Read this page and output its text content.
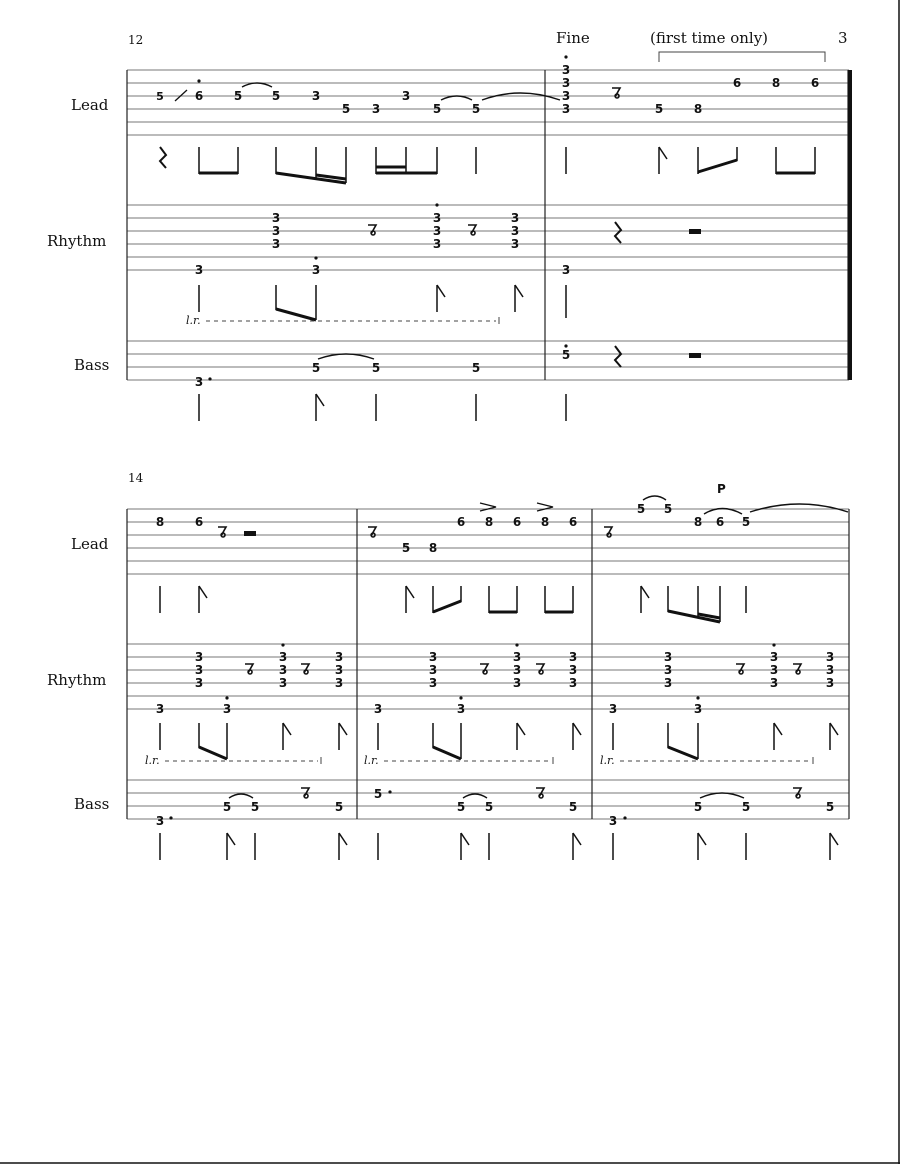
12	Fine	(first time only)	3
Lead
Rhythm
Bass
5	6	5 5	3
5 3
3
5	5
3
3
3
3	5	8
6	8	6
3
3
3
3
3
3
3
3
3
3	3	3
l.r.
3
5	5	5
5
14
Lead
Rhythm
Bass
8	6
5 8
6 8 6 8 6
5 5
8
P
6 5
3
3
3
3
3
3
3
3
3
3
3
3
3
3
3
3
3
3
3
3
3
3
3
3
3
3
3
3	3	3	3	3	3
l.r.	l.r.	l.r.
3
5 5	5
5
5 5	5
3
5	5	5
